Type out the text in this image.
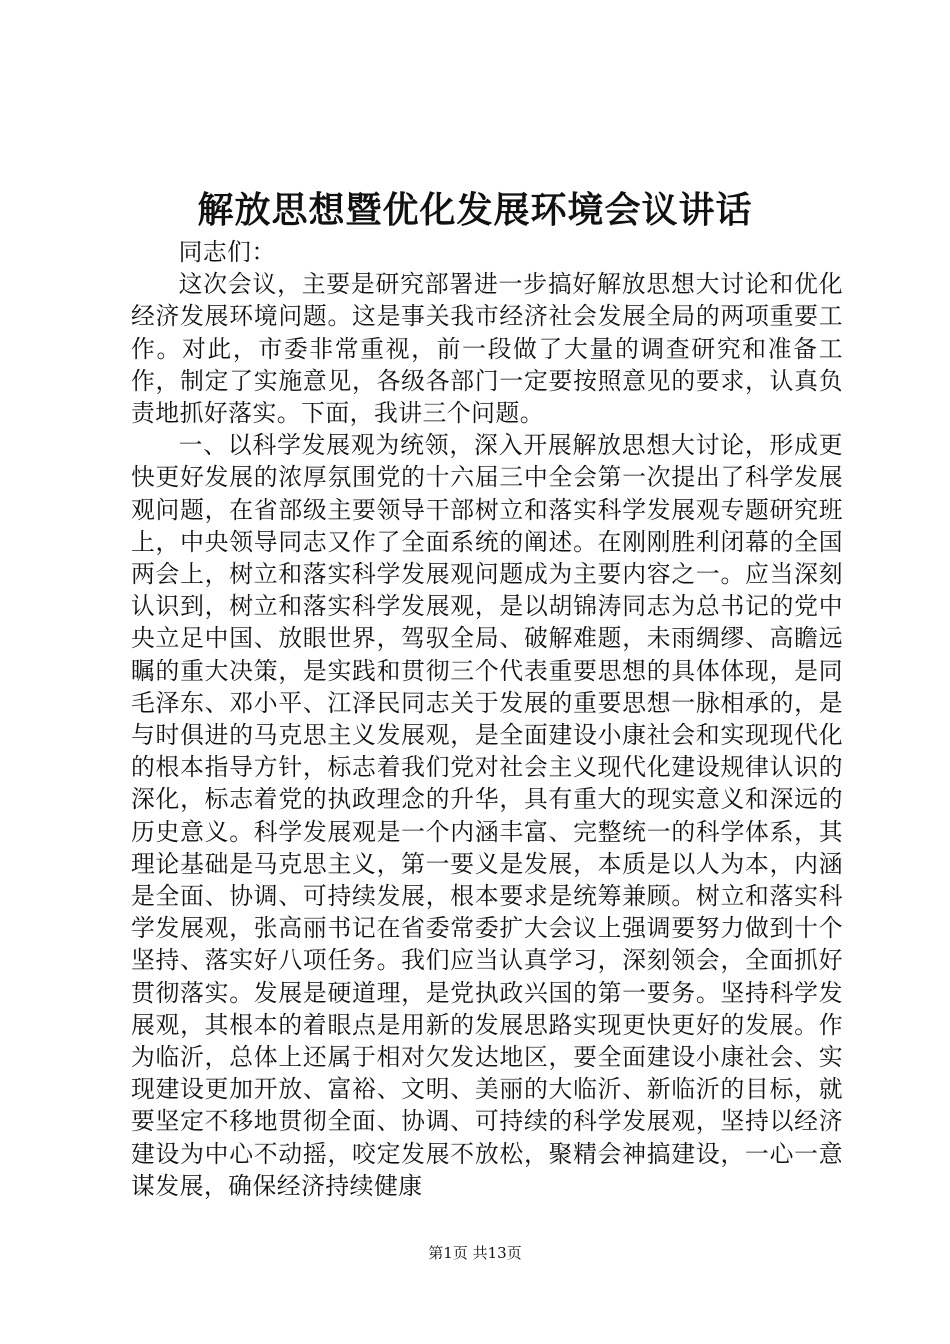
解放思想暨优化发展环境会议讲话

同志们：

这次会议，主要是研究部署进一步搞好解放思想大讨论和优化经济发展环境问题。这是事关我市经济社会发展全局的两项重要工作。对此，市委非常重视，前一段做了大量的调查研究和准备工作，制定了实施意见，各级各部门一定要按照意见的要求，认真负责地抓好落实。下面，我讲三个问题。

一、以科学发展观为统领，深入开展解放思想大讨论，形成更快更好发展的浓厚氛围党的十六届三中全会第一次提出了科学发展观问题，在省部级主要领导干部树立和落实科学发展观专题研究班上，中央领导同志又作了全面系统的阐述。在刚刚胜利闭幕的全国两会上，树立和落实科学发展观问题成为主要内容之一。应当深刻认识到，树立和落实科学发展观，是以胡锦涛同志为总书记的党中央立足中国、放眼世界，驾驭全局、破解难题，未雨绸缪、高瞻远瞩的重大决策，是实践和贯彻三个代表重要思想的具体体现，是同毛泽东、邓小平、江泽民同志关于发展的重要思想一脉相承的，是与时俱进的马克思主义发展观，是全面建设小康社会和实现现代化的根本指导方针，标志着我们党对社会主义现代化建设规律认识的深化，标志着党的执政理念的升华，具有重大的现实意义和深远的历史意义。科学发展观是一个内涵丰富、完整统一的科学体系，其理论基础是马克思主义，第一要义是发展，本质是以人为本，内涵是全面、协调、可持续发展，根本要求是统筹兼顾。树立和落实科学发展观，张高丽书记在省委常委扩大会议上强调要努力做到十个坚持、落实好八项任务。我们应当认真学习，深刻领会，全面抓好贯彻落实。发展是硬道理，是党执政兴国的第一要务。坚持科学发展观，其根本的着眼点是用新的发展思路实现更快更好的发展。作为临沂，总体上还属于相对欠发达地区，要全面建设小康社会、实现建设更加开放、富裕、文明、美丽的大临沂、新临沂的目标，就要坚定不移地贯彻全面、协调、可持续的科学发展观，坚持以经济建设为中心不动摇，咬定发展不放松，聚精会神搞建设，一心一意谋发展，确保经济持续健康

第1页 共13页
